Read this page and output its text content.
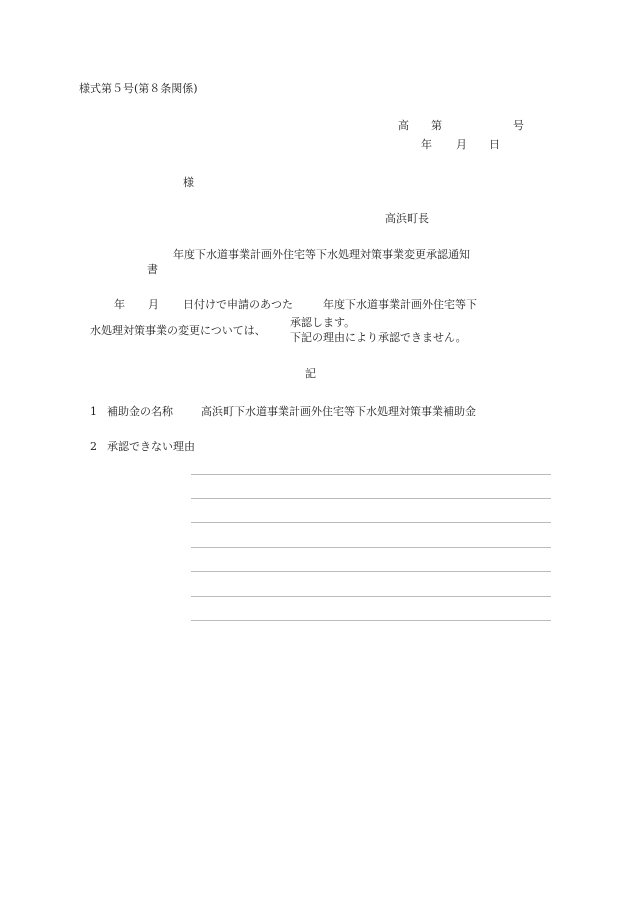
様式第５号(第８条関係)
高 第	号
年 月 日
様
高浜町長
年度下水道事業計画外住宅等下水処理対策事業変更承認通知
書
年 月 日付けで申請のあつた	年度下水道事業計画外住宅等下
水処理対策事業の変更については、
承認します。
下記の理由により承認できません。
記
1 補助金の名称	高浜町下水道事業計画外住宅等下水処理対策事業補助金
2 承認できない理由
